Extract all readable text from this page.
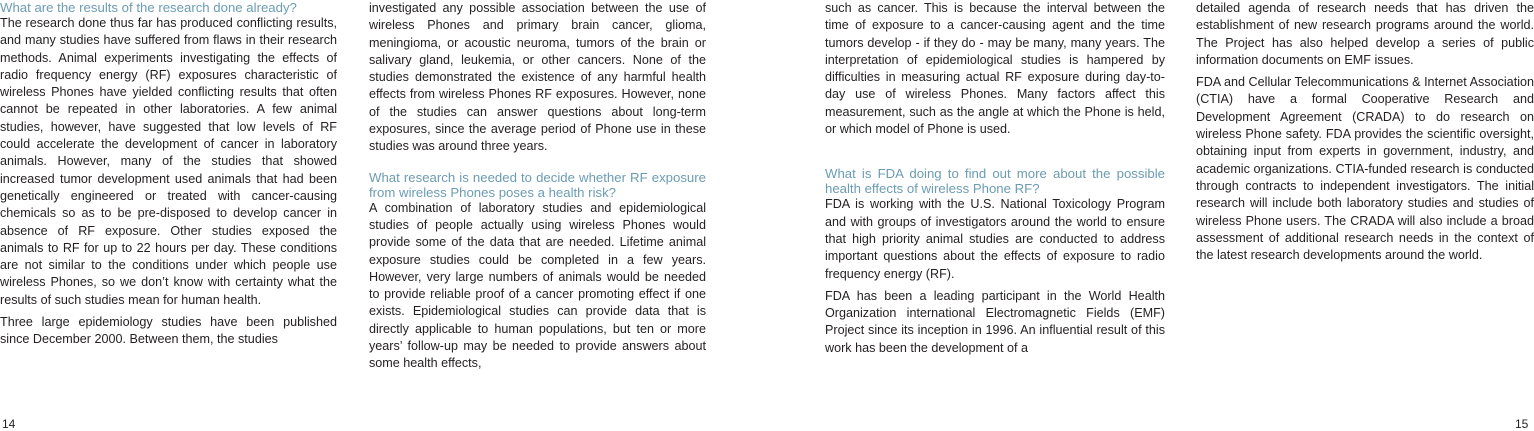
What are the results of the research done already?

The research done thus far has produced conflicting results, and many studies have suffered from flaws in their research methods. Animal experiments investigating the effects of radio frequency energy (RF) exposures characteristic of wireless Phones have yielded conflicting results that often cannot be repeated in other laboratories. A few animal studies, however, have suggested that low levels of RF could accelerate the development of cancer in laboratory animals. However, many of the studies that showed increased tumor development used animals that had been genetically engineered or treated with cancer-causing chemicals so as to be pre-disposed to develop cancer in absence of RF exposure. Other studies exposed the animals to RF for up to 22 hours per day. These conditions are not similar to the conditions under which people use wireless Phones, so we don’t know with certainty what the results of such studies mean for human health.

Three large epidemiology studies have been published since December 2000. Between them, the studies

investigated any possible association between the use of wireless Phones and primary brain cancer, glioma, meningioma, or acoustic neuroma, tumors of the brain or salivary gland, leukemia, or other cancers. None of the studies demonstrated the existence of any harmful health effects from wireless Phones RF exposures. However, none of the studies can answer questions about long-term exposures, since the average period of Phone use in these studies was around three years.

What research is needed to decide whether RF exposure from wireless Phones poses a health risk?

A combination of laboratory studies and epidemiological studies of people actually using wireless Phones would provide some of the data that are needed. Lifetime animal exposure studies could be completed in a few years. However, very large numbers of animals would be needed to provide reliable proof of a cancer promoting effect if one exists. Epidemiological studies can provide data that is directly applicable to human populations, but ten or more years’ follow-up may be needed to provide answers about some health effects,

such as cancer. This is because the interval between the time of exposure to a cancer-causing agent and the time tumors develop - if they do - may be many, many years. The interpretation of epidemiological studies is hampered by difficulties in measuring actual RF exposure during day-to-day use of wireless Phones. Many factors affect this measurement, such as the angle at which the Phone is held, or which model of Phone is used.

What is FDA doing to find out more about the possible health effects of wireless Phone RF?

FDA is working with the U.S. National Toxicology Program and with groups of investigators around the world to ensure that high priority animal studies are conducted to address important questions about the effects of exposure to radio frequency energy (RF).

FDA has been a leading participant in the World Health Organization international Electromagnetic Fields (EMF) Project since its inception in 1996. An influential result of this work has been the development of a

detailed agenda of research needs that has driven the establishment of new research programs around the world. The Project has also helped develop a series of public information documents on EMF issues.

FDA and Cellular Telecommunications & Internet Association (CTIA) have a formal Cooperative Research and Development Agreement (CRADA) to do research on wireless Phone safety. FDA provides the scientific oversight, obtaining input from experts in government, industry, and academic organizations. CTIA-funded research is conducted through contracts to independent investigators. The initial research will include both laboratory studies and studies of wireless Phone users. The CRADA will also include a broad assessment of additional research needs in the context of the latest research developments around the world.

14	15
